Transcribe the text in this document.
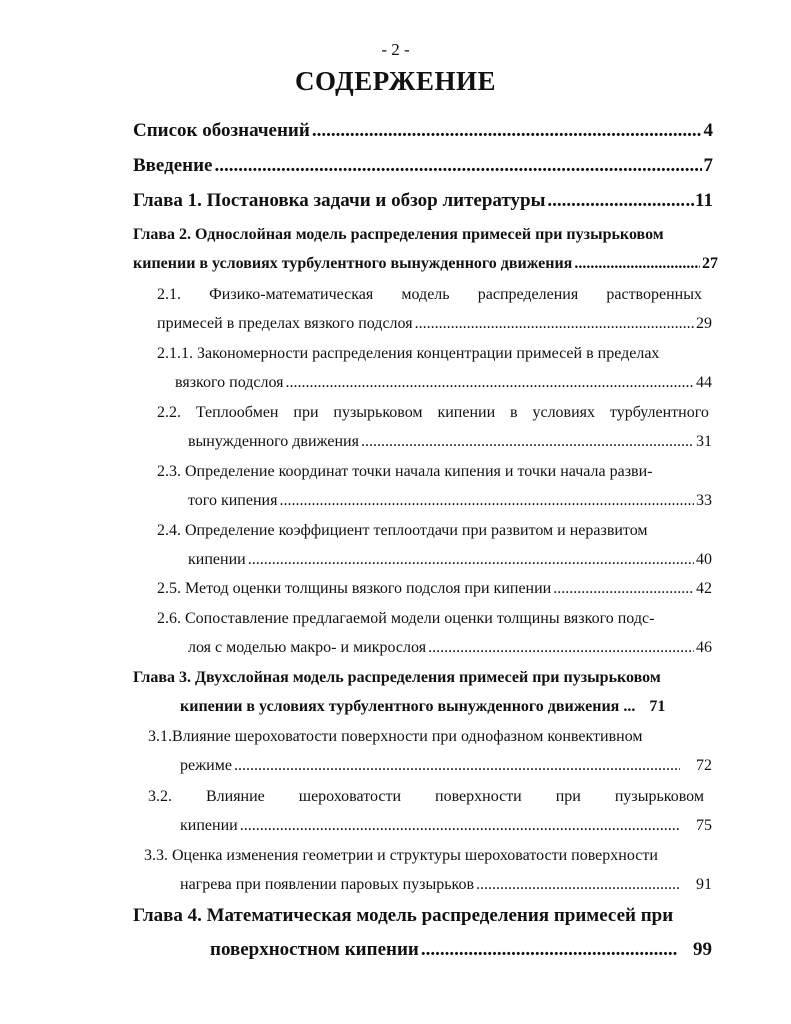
- 2 -
СОДЕРЖЕНИЕ
Список обозначений .....	4
Введение .....	7
Глава 1. Постановка задачи и обзор литературы .....	..11
Глава 2. Однослойная модель распределения примесей при пузырьковом
кипении в условиях турбулентного вынужденного движения .....	27
2.1. Физико-математическая модель распределения растворенных
примесей в пределах вязкого подслоя .....	29
2.1.1. Закономерности распределения концентрации примесей в пределах
вязкого подслоя .....	44
2.2. Теплообмен при пузырьковом кипении в условиях турбулентного
вынужденного движения .....	31
2.3. Определение координат точки начала кипения и точки начала разви-
того кипения .....	33
2.4. Определение коэффициент теплоотдачи при развитом и неразвитом
кипении .....	40
2.5. Метод оценки толщины вязкого подслоя при кипении .....	42
2.6. Сопоставление предлагаемой модели оценки толщины вязкого подс-
лоя с моделью макро- и микрослоя .....	46
Глава 3. Двухслойная модель распределения примесей при пузырьковом
кипении в условиях турбулентного вынужденного движения ... 71
3.1.Влияние шероховатости поверхности при однофазном конвективном
режиме .....	72
3.2. Влияние шероховатости поверхности при пузырьковом
кипении .....	75
3.3. Оценка изменения геометрии и структуры шероховатости поверхности
нагрева при появлении паровых пузырьков .....	91
Глава 4. Математическая модель распределения примесей при
поверхностном кипении .....	99
